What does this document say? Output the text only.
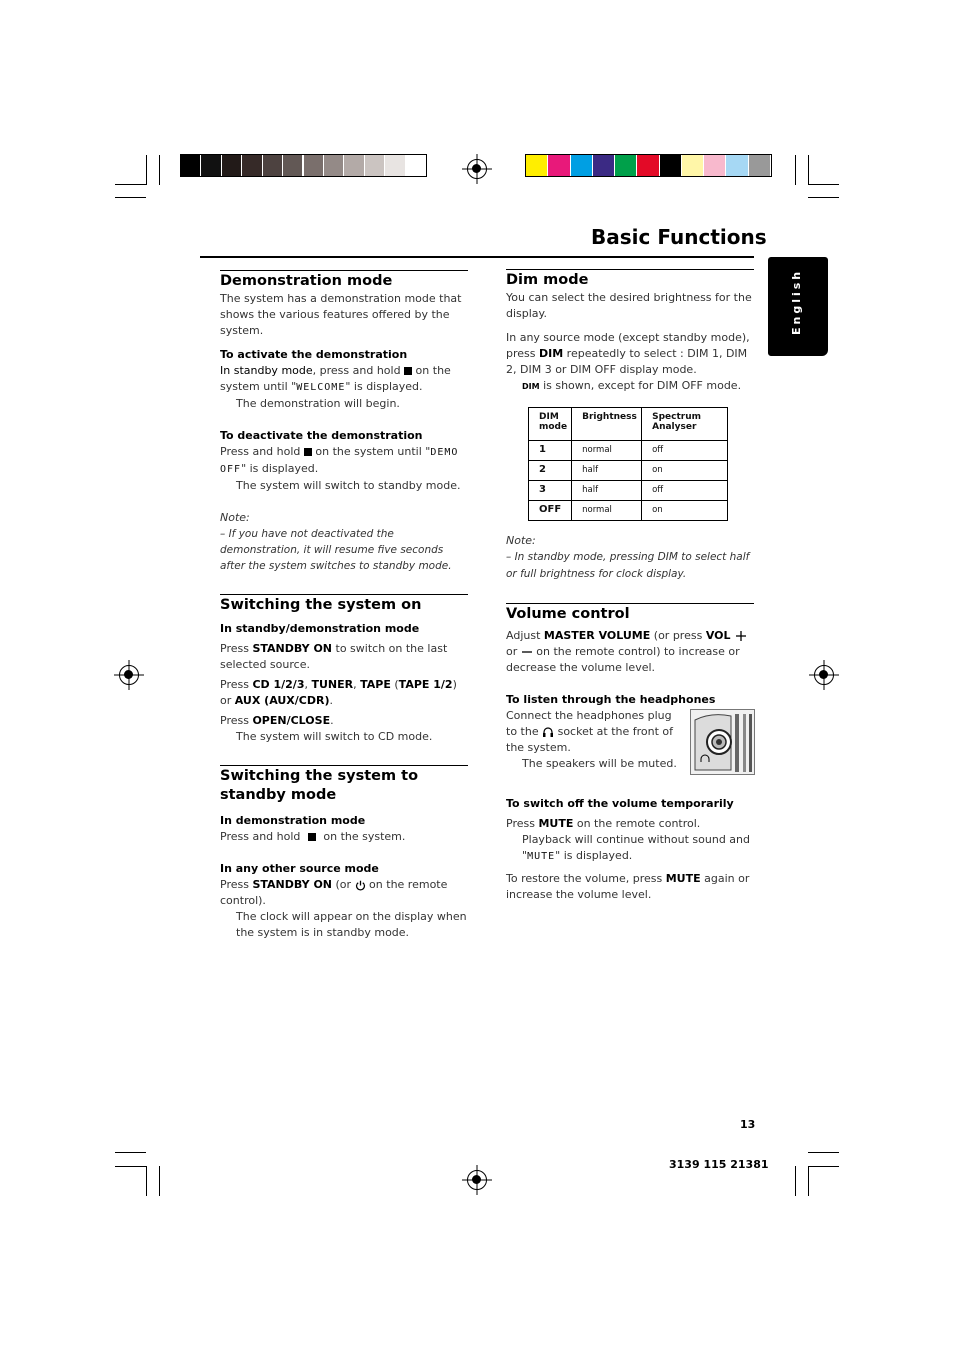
Basic Functions
English
Demonstration mode

The system has a demonstration mode that shows the various features offered by the system.

To activate the demonstration

In standby mode, press and hold  on the system until "WELCOME" is displayed.

The demonstration will begin.

To deactivate the demonstration

Press and hold  on the system until "DEMO OFF" is displayed.

The system will switch to standby mode.

Note:

– If you have not deactivated the demonstration, it will resume five seconds after the system switches to standby mode.

Switching the system on
In standby/demonstration mode

Press STANDBY ON to switch on the last selected source.

Press CD 1/2/3, TUNER, TAPE (TAPE 1/2) or AUX (AUX/CDR).

Press OPEN/CLOSE.

The system will switch to CD mode.

Switching the system to standby mode
In demonstration mode

Press and hold  on the system.

In any other source mode

Press STANDBY ON (or  on the remote control).

The clock will appear on the display when the system is in standby mode.

Dim mode

You can select the desired brightness for the display.

In any source mode (except standby mode), press DIM repeatedly to select : DIM 1, DIM 2, DIM 3 or DIM OFF display mode.

DIM is shown, except for DIM OFF mode.

DIM mode	Brightness	Spectrum Analyser
1	normal	off
2	half	on
3	half	off
OFF	normal	on

Note:

– In standby mode, pressing DIM to select half or full brightness for clock display.

Volume control

Adjust MASTER VOLUME (or press VOL or  on the remote control) to increase or decrease the volume level.

To listen through the headphones

Connect the headphones plug to the  socket at the front of the system.

The speakers will be muted.

To switch off the volume temporarily

Press MUTE on the remote control.

Playback will continue without sound and "MUTE" is displayed.

To restore the volume, press MUTE again or increase the volume level.

13
3139 115 21381
